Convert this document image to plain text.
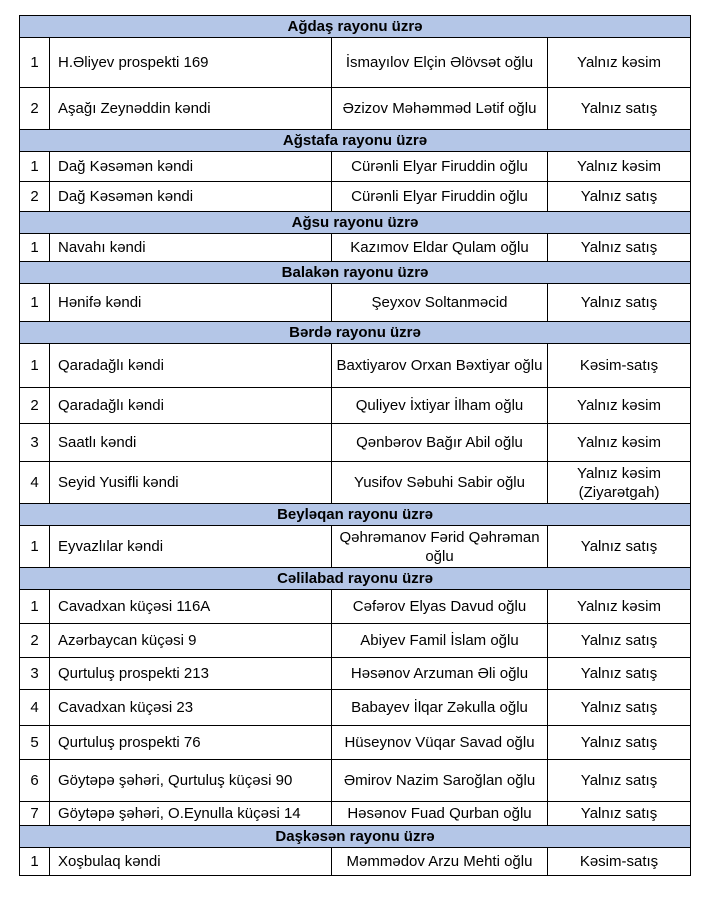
Ağdaş rayonu üzrə			
1	H.Əliyev prospekti 169	İsmayılov Elçin Əlövsət oğlu	Yalnız kəsim
2	Aşağı Zeynəddin kəndi	Əzizov Məhəmməd Lətif oğlu	Yalnız satış
Ağstafa rayonu üzrə			
1	Dağ Kəsəmən kəndi	Cürənli Elyar Firuddin oğlu	Yalnız kəsim
2	Dağ Kəsəmən kəndi	Cürənli Elyar Firuddin oğlu	Yalnız satış
Ağsu rayonu üzrə			
1	Navahı kəndi	Kazımov Eldar Qulam oğlu	Yalnız satış
Balakən rayonu üzrə			
1	Hənifə kəndi	Şeyxov Soltanməcid	Yalnız satış
Bərdə rayonu üzrə			
1	Qaradağlı kəndi	Baxtiyarov Orxan Bəxtiyar oğlu	Kəsim-satış
2	Qaradağlı kəndi	Quliyev İxtiyar İlham oğlu	Yalnız kəsim
3	Saatlı kəndi	Qənbərov Bağır Abil oğlu	Yalnız kəsim
4	Seyid Yusifli kəndi	Yusifov Səbuhi Sabir oğlu	Yalnız kəsim (Ziyarətgah)
Beyləqan rayonu üzrə			
1	Eyvazlılar kəndi	Qəhrəmanov Fərid Qəhrəman oğlu	Yalnız satış
Cəlilabad rayonu üzrə			
1	Cavadxan küçəsi 116A	Cəfərov Elyas Davud oğlu	Yalnız kəsim
2	Azərbaycan küçəsi 9	Abiyev Famil İslam oğlu	Yalnız satış
3	Qurtuluş prospekti 213	Həsənov Arzuman Əli oğlu	Yalnız satış
4	Cavadxan küçəsi 23	Babayev İlqar Zəkulla oğlu	Yalnız satış
5	Qurtuluş prospekti 76	Hüseynov Vüqar Savad oğlu	Yalnız satış
6	Göytəpə şəhəri, Qurtuluş küçəsi 90	Əmirov Nazim Saroğlan oğlu	Yalnız satış
7	Göytəpə şəhəri, O.Eynulla küçəsi 14	Həsənov Fuad Qurban oğlu	Yalnız satış
Daşkəsən rayonu üzrə			
1	Xoşbulaq kəndi	Məmmədov Arzu Mehti oğlu	Kəsim-satış
